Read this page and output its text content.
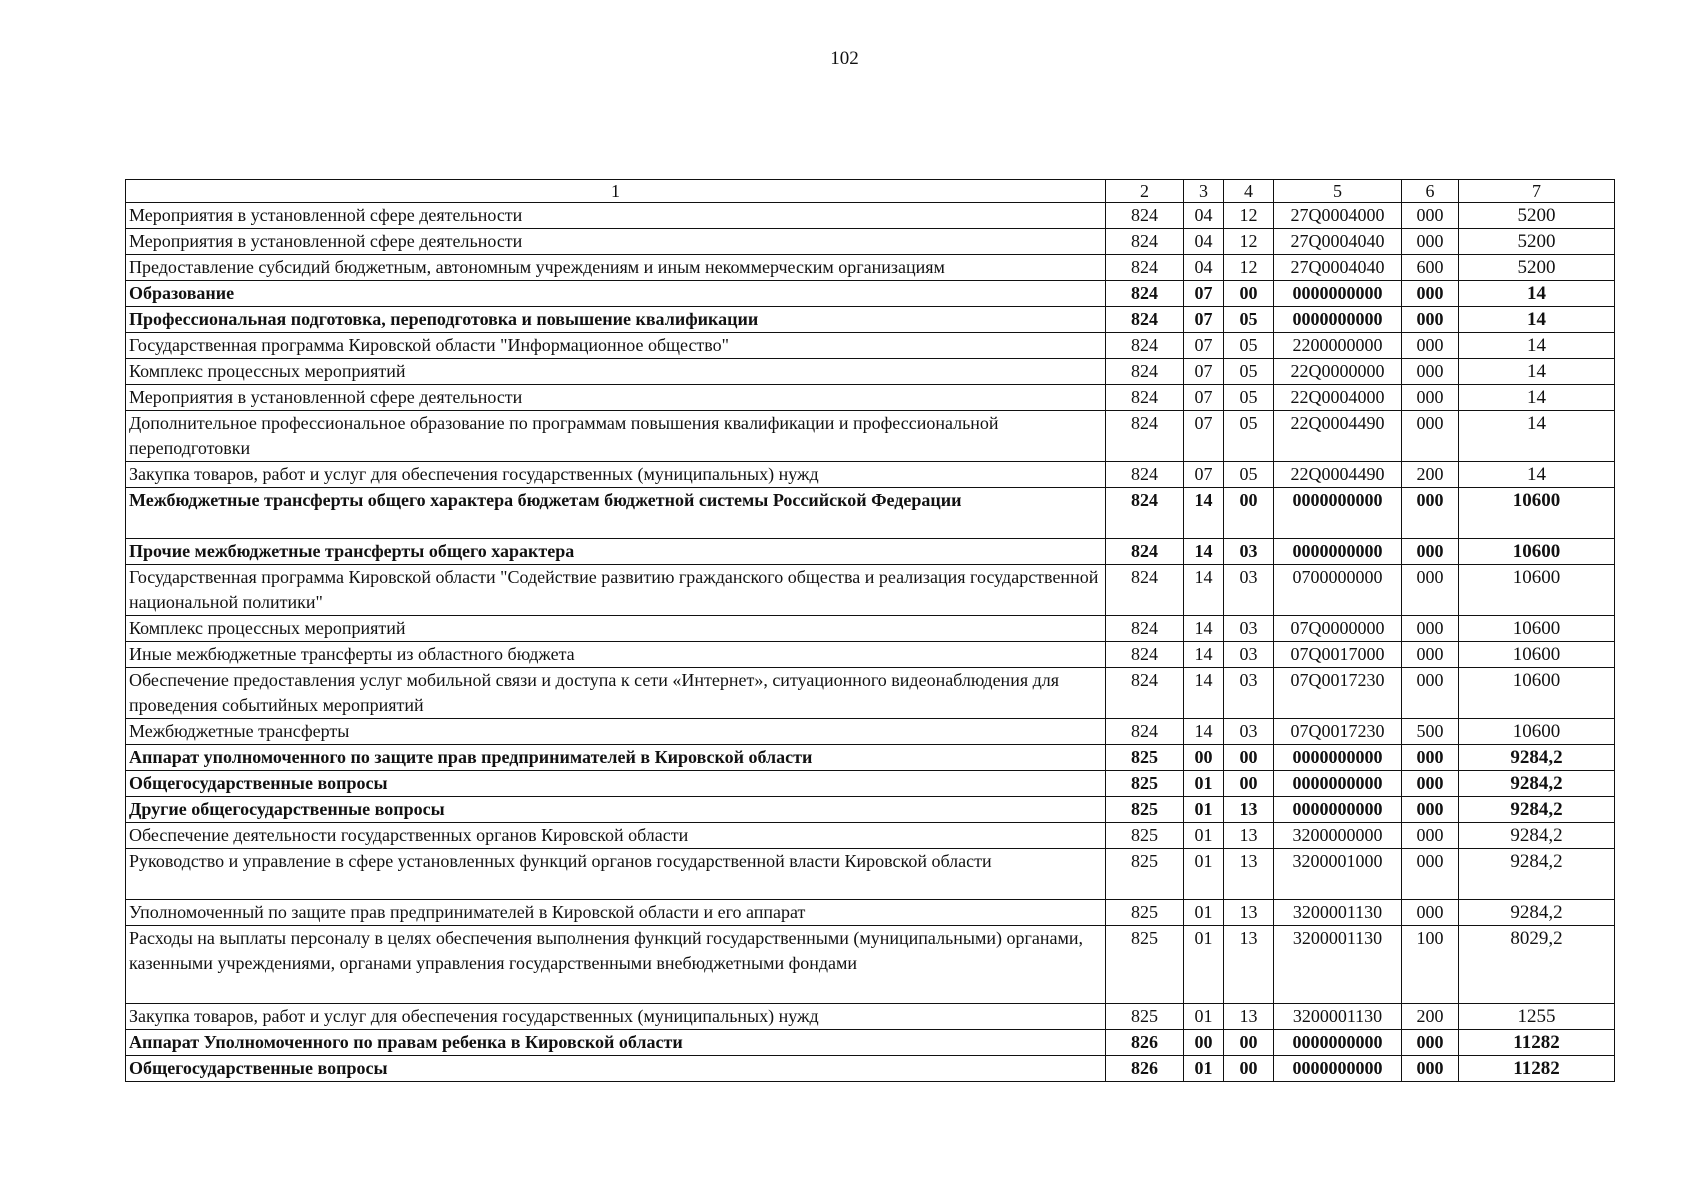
102
1	2	3	4	5	6	7
Мероприятия в установленной сфере деятельности	824	04	12	27Q0004000	000	5200
Мероприятия в установленной сфере деятельности	824	04	12	27Q0004040	000	5200
Предоставление субсидий бюджетным, автономным учреждениям и иным некоммерческим организациям	824	04	12	27Q0004040	600	5200
Образование	824	07	00	0000000000	000	14
Профессиональная подготовка, переподготовка и повышение квалификации	824	07	05	0000000000	000	14
Государственная программа Кировской области "Информационное общество"	824	07	05	2200000000	000	14
Комплекс процессных мероприятий	824	07	05	22Q0000000	000	14
Мероприятия в установленной сфере деятельности	824	07	05	22Q0004000	000	14
Дополнительное профессиональное образование по программам повышения квалификации и профессиональной переподготовки	824	07	05	22Q0004490	000	14
Закупка товаров, работ и услуг для обеспечения государственных (муниципальных) нужд	824	07	05	22Q0004490	200	14
Межбюджетные трансферты общего характера бюджетам бюджетной системы Российской Федерации	824	14	00	0000000000	000	10600
Прочие межбюджетные трансферты общего характера	824	14	03	0000000000	000	10600
Государственная программа Кировской области "Содействие развитию гражданского общества и реализация государственной национальной политики"	824	14	03	0700000000	000	10600
Комплекс процессных мероприятий	824	14	03	07Q0000000	000	10600
Иные межбюджетные трансферты из областного бюджета	824	14	03	07Q0017000	000	10600
Обеспечение предоставления услуг мобильной связи и доступа к сети «Интернет», ситуационного видеонаблюдения для проведения событийных мероприятий	824	14	03	07Q0017230	000	10600
Межбюджетные трансферты	824	14	03	07Q0017230	500	10600
Аппарат уполномоченного по защите прав предпринимателей в Кировской области	825	00	00	0000000000	000	9284,2
Общегосударственные вопросы	825	01	00	0000000000	000	9284,2
Другие общегосударственные вопросы	825	01	13	0000000000	000	9284,2
Обеспечение деятельности государственных органов Кировской области	825	01	13	3200000000	000	9284,2
Руководство и управление в сфере установленных функций органов государственной власти Кировской области	825	01	13	3200001000	000	9284,2
Уполномоченный по защите прав предпринимателей в Кировской области и его аппарат	825	01	13	3200001130	000	9284,2
Расходы на выплаты персоналу в целях обеспечения выполнения функций государственными (муниципальными) органами, казенными учреждениями, органами управления государственными внебюджетными фондами	825	01	13	3200001130	100	8029,2
Закупка товаров, работ и услуг для обеспечения государственных (муниципальных) нужд	825	01	13	3200001130	200	1255
Аппарат Уполномоченного по правам ребенка в Кировской области	826	00	00	0000000000	000	11282
Общегосударственные вопросы	826	01	00	0000000000	000	11282
